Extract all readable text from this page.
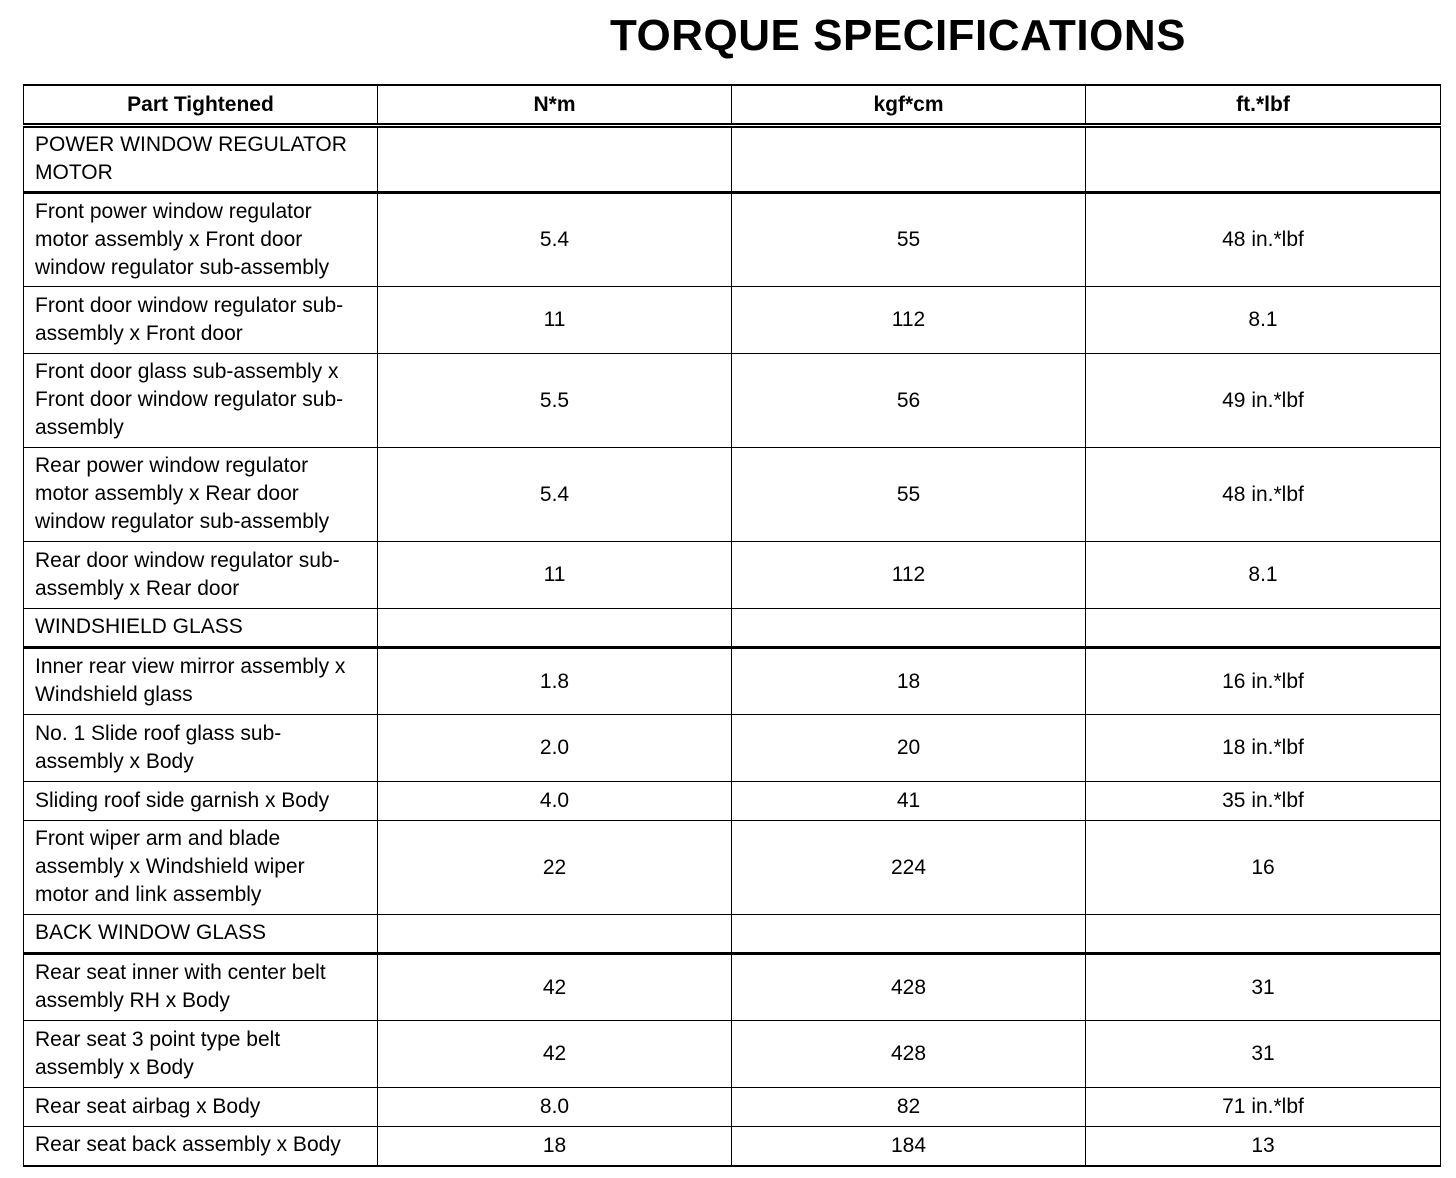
TORQUE SPECIFICATIONS
Part Tightened	N*m	kgf*cm	ft.*lbf
POWER WINDOW REGULATOR MOTOR			
Front power window regulator motor assembly x Front door window regulator sub-assembly	5.4	55	48 in.*lbf
Front door window regulator sub-assembly x Front door	11	112	8.1
Front door glass sub-assembly x Front door window regulator sub-assembly	5.5	56	49 in.*lbf
Rear power window regulator motor assembly x Rear door window regulator sub-assembly	5.4	55	48 in.*lbf
Rear door window regulator sub-assembly x Rear door	11	112	8.1
WINDSHIELD GLASS			
Inner rear view mirror assembly x Windshield glass	1.8	18	16 in.*lbf
No. 1 Slide roof glass sub-assembly x Body	2.0	20	18 in.*lbf
Sliding roof side garnish x Body	4.0	41	35 in.*lbf
Front wiper arm and blade assembly x Windshield wiper motor and link assembly	22	224	16
BACK WINDOW GLASS			
Rear seat inner with center belt assembly RH x Body	42	428	31
Rear seat 3 point type belt assembly x Body	42	428	31
Rear seat airbag x Body	8.0	82	71 in.*lbf
Rear seat back assembly x Body	18	184	13
